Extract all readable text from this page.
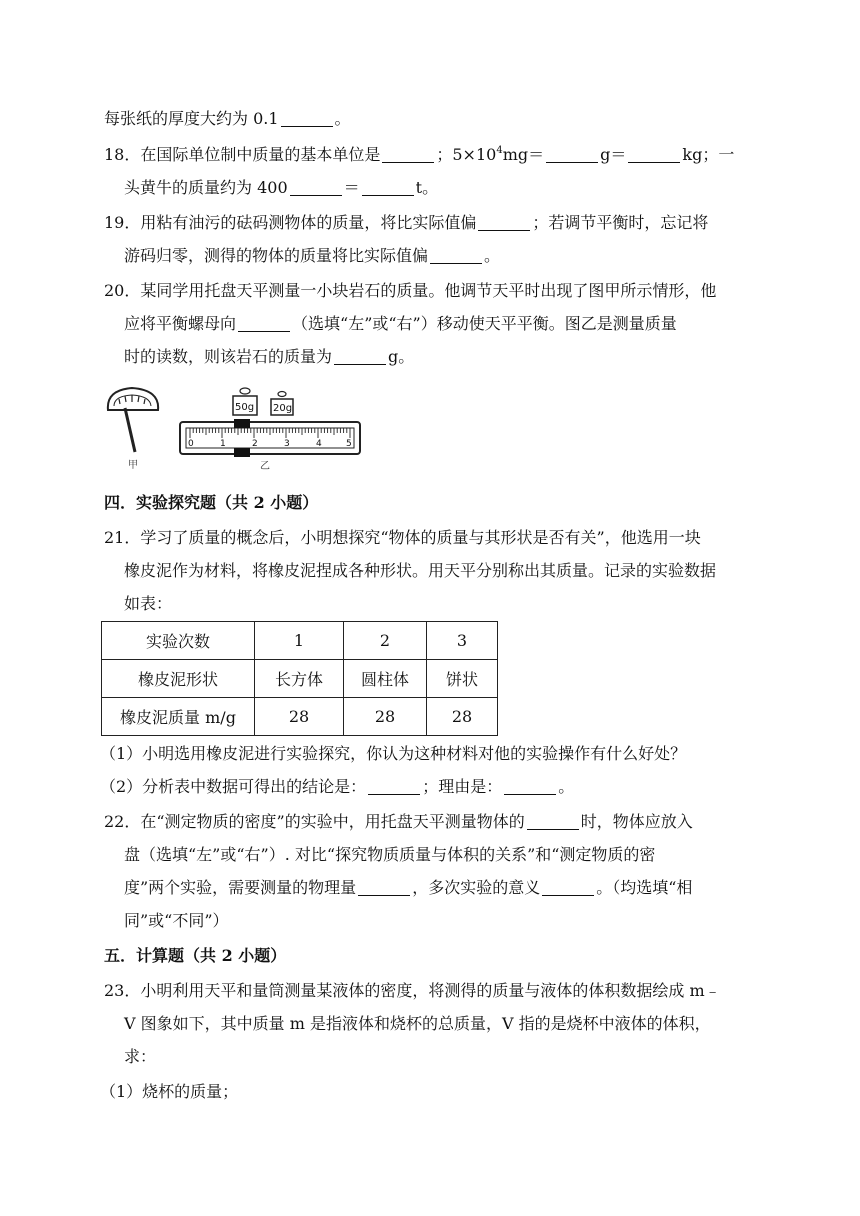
每张纸的厚度大约为 0.1	。
18．在国际单位制中质量的基本单位是	；$5\times 10^4mg=$	g＝	kg；一
头黄牛的质量约为 400	＝	t。
19．用粘有油污的砝码测物体的质量，将比实际值偏	；若调节平衡时，忘记将
游码归零，测得的物体的质量将比实际值偏	。
20．某同学用托盘天平测量一小块岩石的质量。他调节天平时出现了图甲所示情形，他
应将平衡螺母向	（选填“左”或“右”）移动使天平平衡。图乙是测量质量
时的读数，则该岩石的质量为	g。
甲
50g 20g
0	1	2	3	4	5
乙
四．实验探究题（共 2 小题）
21．学习了质量的概念后，小明想探究“物体的质量与其形状是否有关”，他选用一块
橡皮泥作为材料，将橡皮泥捏成各种形状。用天平分别称出其质量。记录的实验数据
如表：
实验次数	1	2	3
橡皮泥形状	长方体	圆柱体	饼状
橡皮泥质量 m/g	28	28	28
（1）小明选用橡皮泥进行实验探究，你认为这种材料对他的实验操作有什么好处？
（2）分析表中数据可得出的结论是：	；理由是：	。
22．在“测定物质的密度”的实验中，用托盘天平测量物体的	时，物体应放入
盘（选填“左”或“右”）. 对比“探究物质质量与体积的关系”和“测定物质的密
度”两个实验，需要测量的物理量	，多次实验的意义	。（均选填“相
同”或“不同”）
五．计算题（共 2 小题）
23．小明利用天平和量筒测量某液体的密度，将测得的质量与液体的体积数据绘成 m﹣
V 图象如下，其中质量 m 是指液体和烧杯的总质量，V 指的是烧杯中液体的体积，
求：
（1）烧杯的质量；
